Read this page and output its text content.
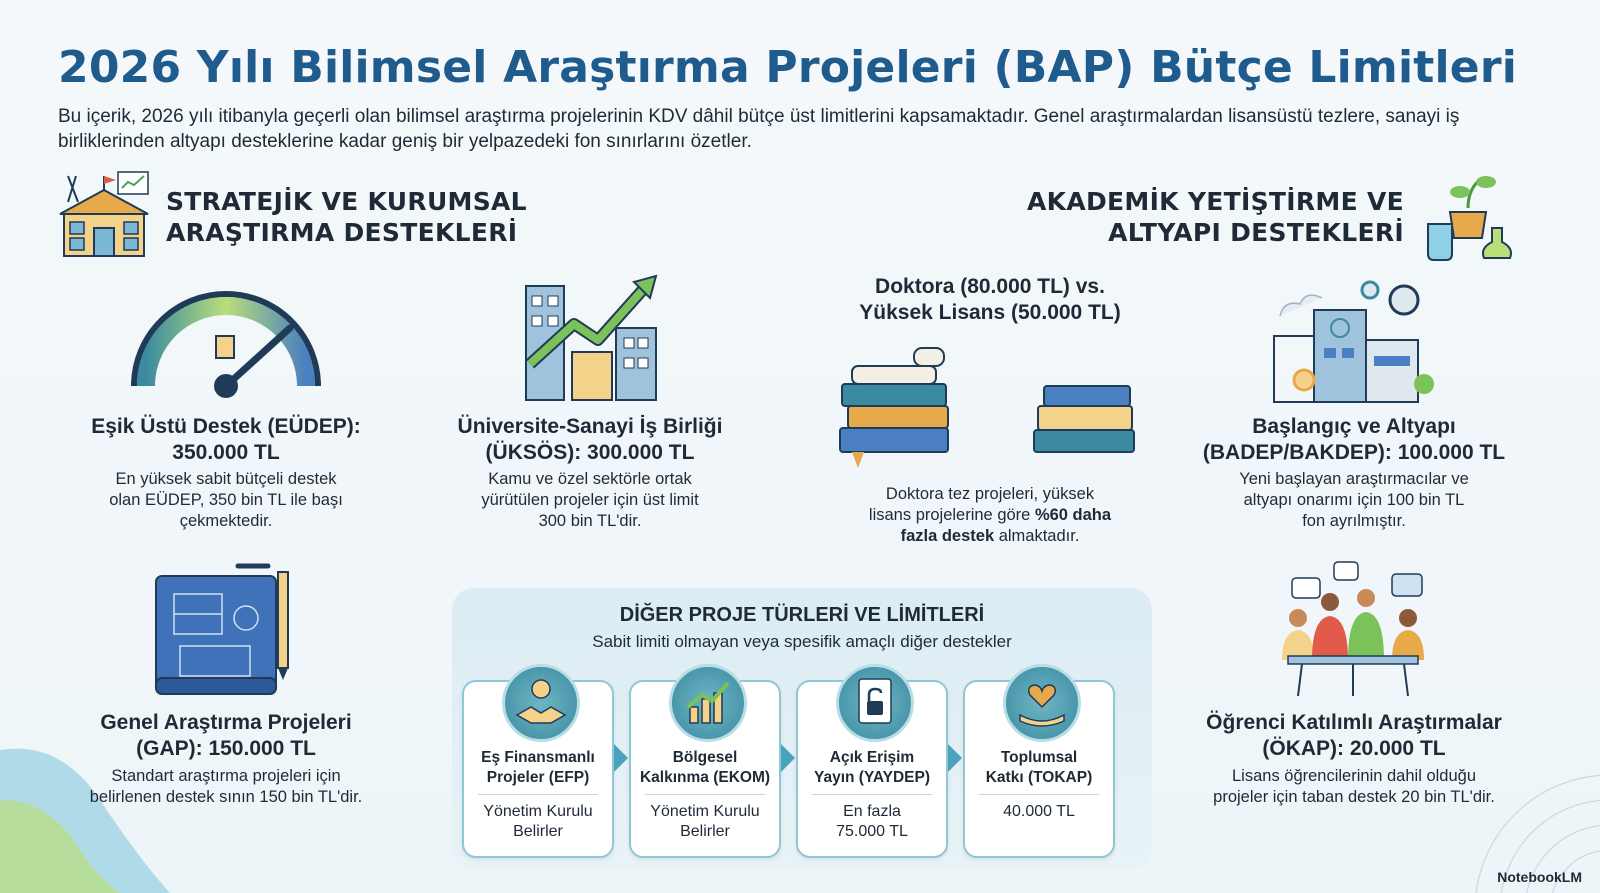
2026 Yılı Bilimsel Araştırma Projeleri (BAP) Bütçe Limitleri
Bu içerik, 2026 yılı itibanyla geçerli olan bilimsel araştırma projelerinin KDV dâhil bütçe üst limitlerini kapsamaktadır. Genel araştırmalardan lisansüstü tezlere, sanayi iş birliklerinden altyapı desteklerine kadar geniş bir yelpazedeki fon sınırlarını özetler.
STRATEJİK VE KURUMSAL
ARAŞTIRMA DESTEKLERİ
AKADEMİK YETİŞTİRME VE
ALTYAPI DESTEKLERİ
Eşik Üstü Destek (EÜDEP):
350.000 TL
En yüksek sabit bütçeli destek
olan EÜDEP, 350 bin TL ile başı
çekmektedir.
Üniversite-Sanayi İş Birliği
(ÜKSÖS): 300.000 TL
Kamu ve özel sektörle ortak
yürütülen projeler için üst limit
300 bin TL'dir.
Doktora (80.000 TL) vs.
Yüksek Lisans (50.000 TL)
Doktora tez projeleri, yüksek
lisans projelerine göre %60 daha
fazla destek almaktadır.
Başlangıç ve Altyapı
(BADEP/BAKDEP): 100.000 TL
Yeni başlayan araştırmacılar ve
altyapı onarımı için 100 bin TL
fon ayrılmıştır.
Genel Araştırma Projeleri
(GAP): 150.000 TL
Standart araştırma projeleri için
belirlenen destek sının 150 bin TL'dir.
Öğrenci Katılımlı Araştırmalar
(ÖKAP): 20.000 TL
Lisans öğrencilerinin dahil olduğu
projeler için taban destek 20 bin TL'dir.
DİĞER PROJE TÜRLERİ VE LİMİTLERİ
Sabit limiti olmayan veya spesifik amaçlı diğer destekler
Eş Finansmanlı
Projeler (EFP)
Yönetim Kurulu
Belirler
Bölgesel
Kalkınma (EKOM)
Yönetim Kurulu
Belirler
Açık Erişim
Yayın (YAYDEP)
En fazla
75.000 TL
Toplumsal
Katkı (TOKAP)
40.000 TL
NotebookLM
